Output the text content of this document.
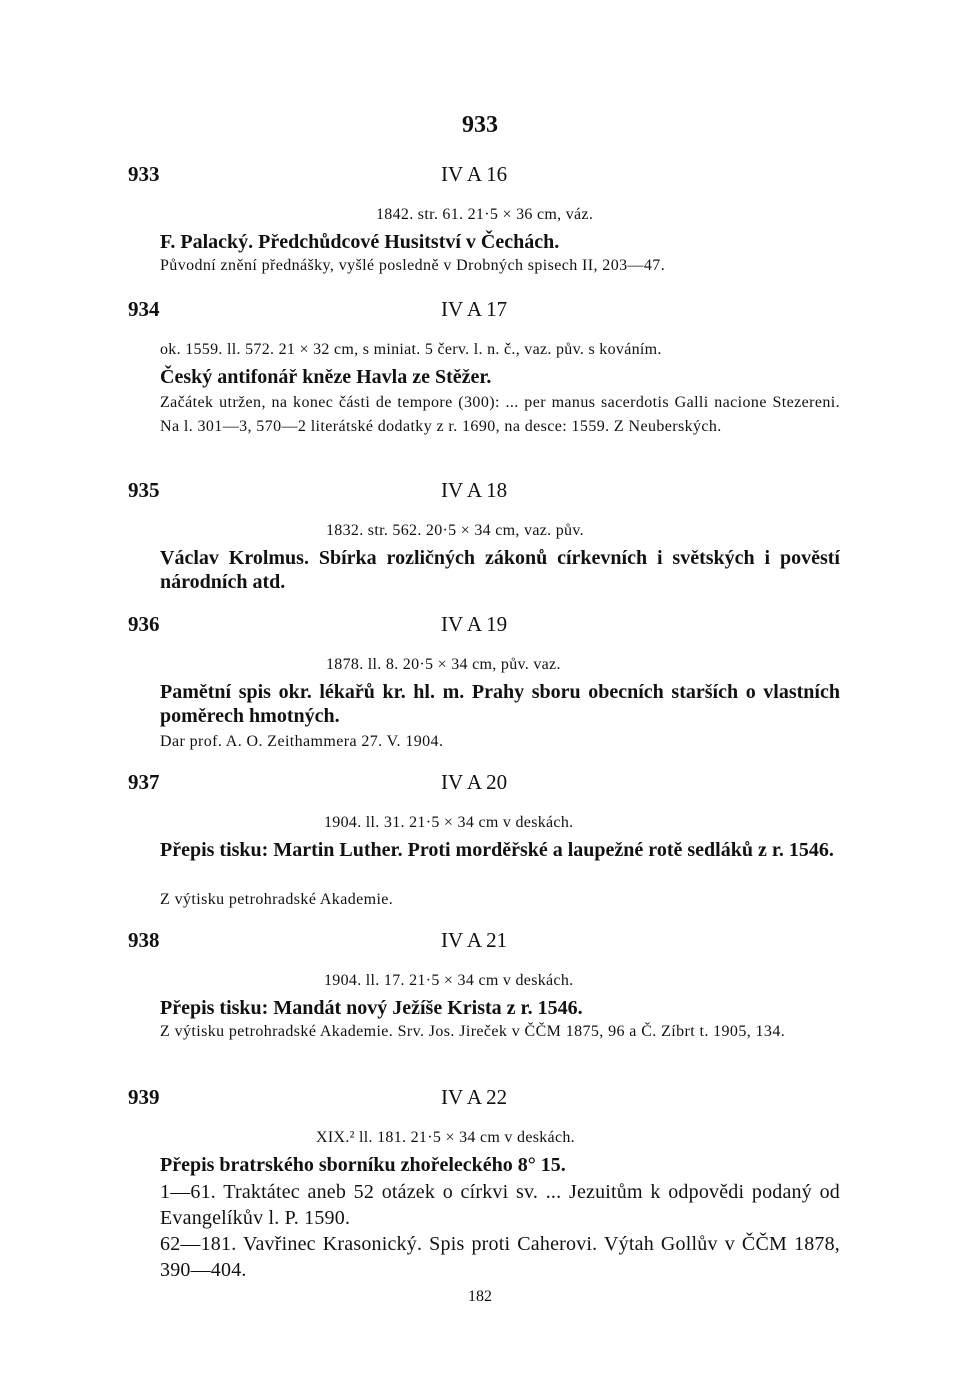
933
933	IV A 16
1842. str. 61. 21·5 × 36 cm, váz.
F. Palacký. Předchůdcové Husitství v Čechách.
Původní znění přednášky, vyšlé posledně v Drobných spisech II, 203—47.
934	IV A 17
ok. 1559. ll. 572. 21 × 32 cm, s miniat. 5 červ. l. n. č., vaz. pův. s kováním.
Český antifonář kněze Havla ze Stěžer.
Začátek utržen, na konec části de tempore (300): ... per manus sacerdotis Galli nacione Stezereni. Na l. 301—3, 570—2 literátské dodatky z r. 1690, na desce: 1559. Z Neuberských.
935	IV A 18
1832. str. 562. 20·5 × 34 cm, vaz. pův.
Václav Krolmus. Sbírka rozličných zákonů církevních i světských i pověstí národních atd.
936	IV A 19
1878. ll. 8. 20·5 × 34 cm, pův. vaz.
Pamětní spis okr. lékařů kr. hl. m. Prahy sboru obecních starších o vlastních poměrech hmotných.
Dar prof. A. O. Zeithammera 27. V. 1904.
937	IV A 20
1904. ll. 31. 21·5 × 34 cm v deskách.
Přepis tisku: Martin Luther. Proti morděřské a laupežné rotě sedláků z r. 1546.
Z výtisku petrohradské Akademie.
938	IV A 21
1904. ll. 17. 21·5 × 34 cm v deskách.
Přepis tisku: Mandát nový Ježíše Krista z r. 1546.
Z výtisku petrohradské Akademie. Srv. Jos. Jireček v ČČM 1875, 96 a Č. Zíbrt t. 1905, 134.
939	IV A 22
XIX.² ll. 181. 21·5 × 34 cm v deskách.
Přepis bratrského sborníku zhořeleckého 8° 15.
1—61. Traktátec aneb 52 otázek o církvi sv. ... Jezuitům k odpovědi podaný od Evangelíkův l. P. 1590.
62—181. Vavřinec Krasonický. Spis proti Caherovi. Výtah Gollův v ČČM 1878, 390—404.
182
